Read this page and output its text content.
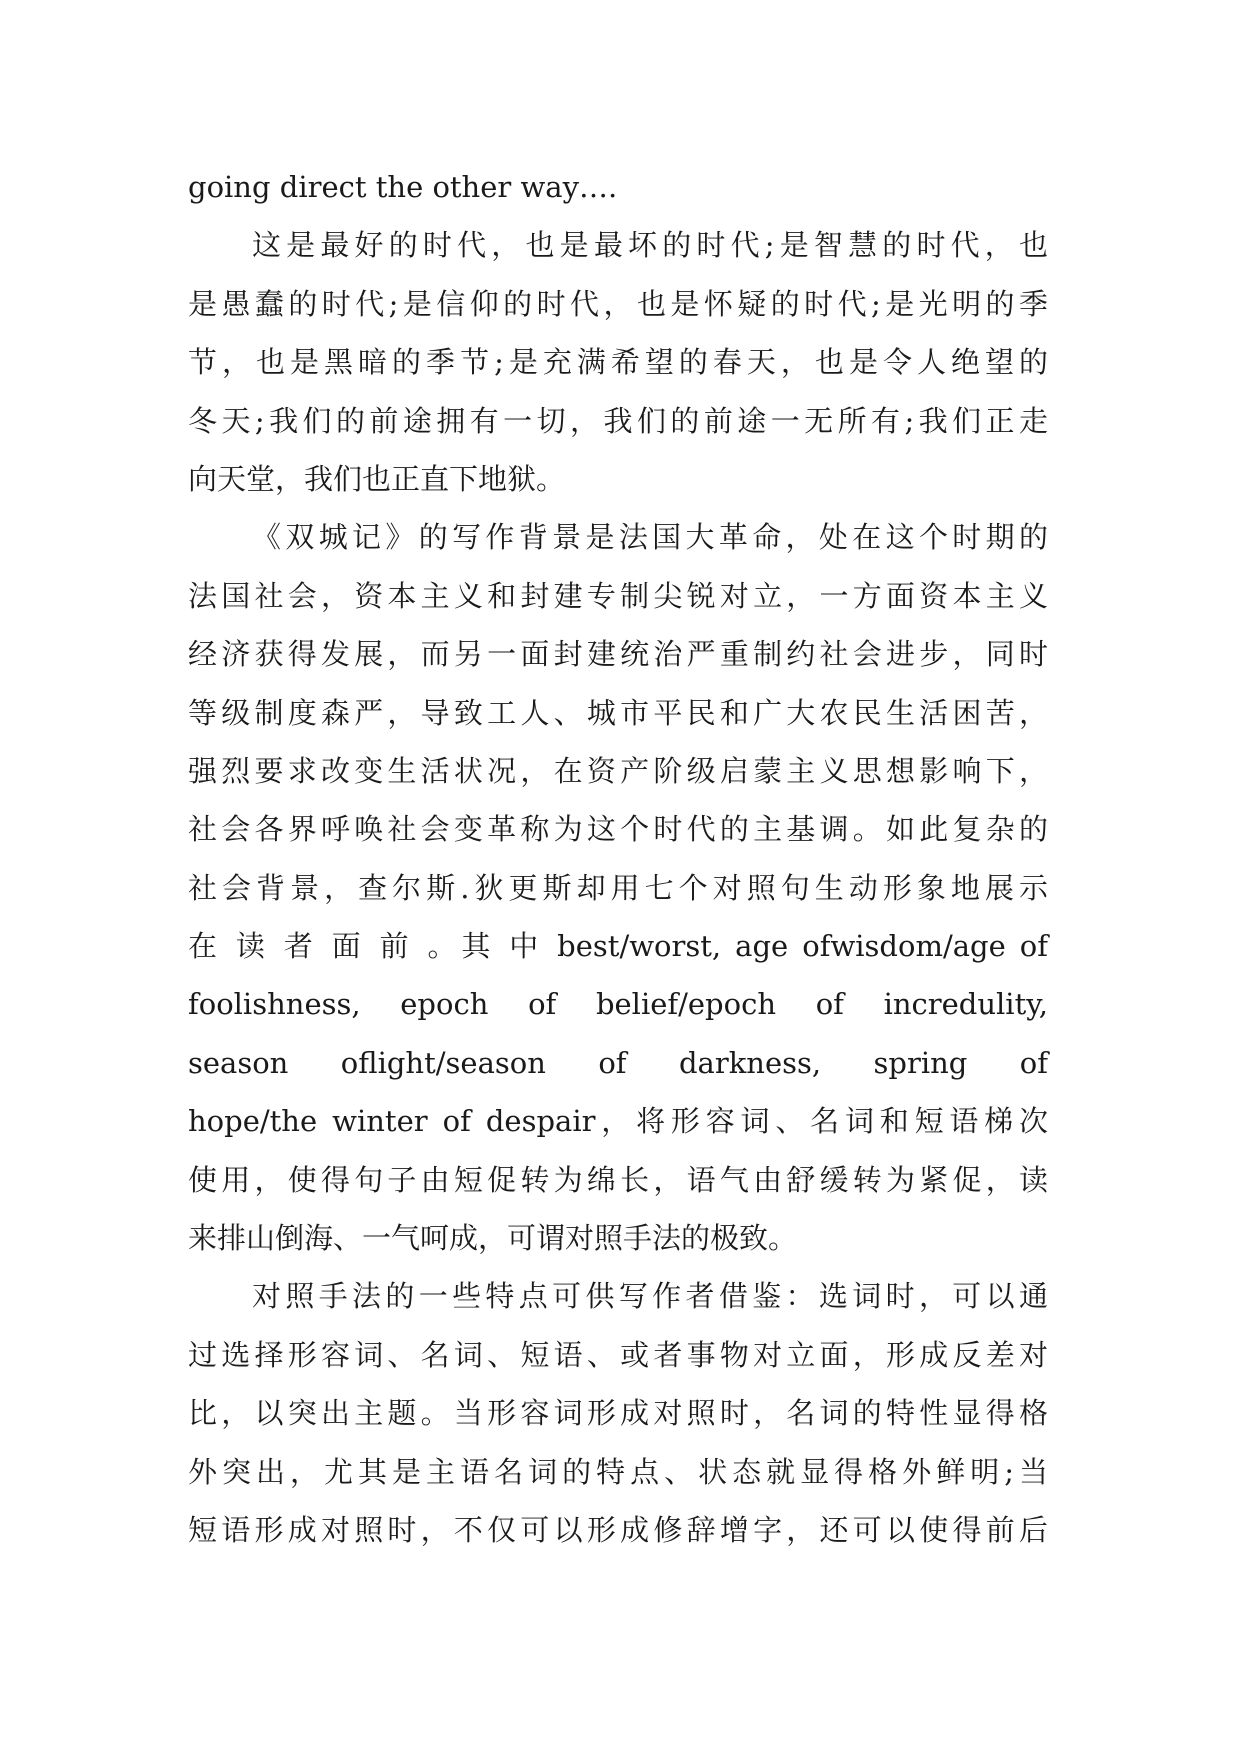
going direct the other way….
这是最好的时代，也是最坏的时代;是智慧的时代，也
是愚蠢的时代;是信仰的时代，也是怀疑的时代;是光明的季
节，也是黑暗的季节;是充满希望的春天，也是令人绝望的
冬天;我们的前途拥有一切，我们的前途一无所有;我们正走
向天堂，我们也正直下地狱。
《双城记》的写作背景是法国大革命，处在这个时期的
法国社会，资本主义和封建专制尖锐对立，一方面资本主义
经济获得发展，而另一面封建统治严重制约社会进步，同时
等级制度森严，导致工人、城市平民和广大农民生活困苦，
强烈要求改变生活状况，在资产阶级启蒙主义思想影响下，
社会各界呼唤社会变革称为这个时代的主基调。如此复杂的
社会背景，查尔斯.狄更斯却用七个对照句生动形象地展示
在 读 者 面 前 。其 中 best/worst, age ofwisdom/age of
foolishness, epoch of belief/epoch of incredulity,
season oflight/season of darkness, spring of
hope/the winter of despair，将形容词、名词和短语梯次
使用，使得句子由短促转为绵长，语气由舒缓转为紧促，读
来排山倒海、一气呵成，可谓对照手法的极致。
对照手法的一些特点可供写作者借鉴：选词时，可以通
过选择形容词、名词、短语、或者事物对立面，形成反差对
比，以突出主题。当形容词形成对照时，名词的特性显得格
外突出，尤其是主语名词的特点、状态就显得格外鲜明;当
短语形成对照时，不仅可以形成修辞增字，还可以使得前后
